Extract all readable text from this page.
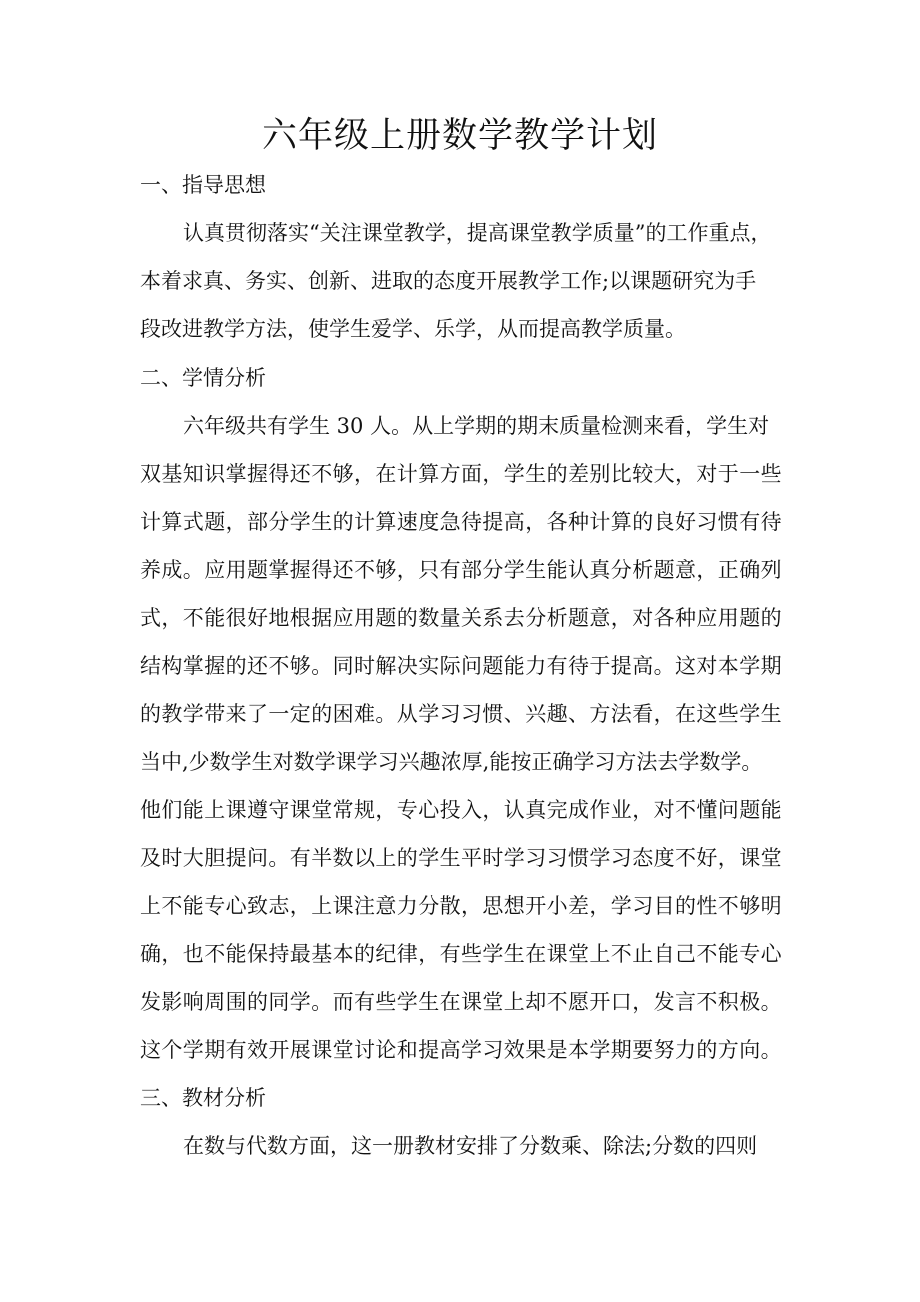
六年级上册数学教学计划
一、指导思想
认真贯彻落实“关注课堂教学，提高课堂教学质量”的工作重点，
本着求真、务实、创新、进取的态度开展教学工作;以课题研究为手
段改进教学方法，使学生爱学、乐学，从而提高教学质量。
二、学情分析
六年级共有学生 30 人。从上学期的期末质量检测来看，学生对
双基知识掌握得还不够，在计算方面，学生的差别比较大，对于一些
计算式题，部分学生的计算速度急待提高，各种计算的良好习惯有待
养成。应用题掌握得还不够，只有部分学生能认真分析题意，正确列
式，不能很好地根据应用题的数量关系去分析题意，对各种应用题的
结构掌握的还不够。同时解决实际问题能力有待于提高。这对本学期
的教学带来了一定的困难。从学习习惯、兴趣、方法看，在这些学生
当中,少数学生对数学课学习兴趣浓厚,能按正确学习方法去学数学。
他们能上课遵守课堂常规，专心投入，认真完成作业，对不懂问题能
及时大胆提问。有半数以上的学生平时学习习惯学习态度不好，课堂
上不能专心致志，上课注意力分散，思想开小差，学习目的性不够明
确，也不能保持最基本的纪律，有些学生在课堂上不止自己不能专心
发影响周围的同学。而有些学生在课堂上却不愿开口，发言不积极。
这个学期有效开展课堂讨论和提高学习效果是本学期要努力的方向。
三、教材分析
在数与代数方面，这一册教材安排了分数乘、除法;分数的四则
